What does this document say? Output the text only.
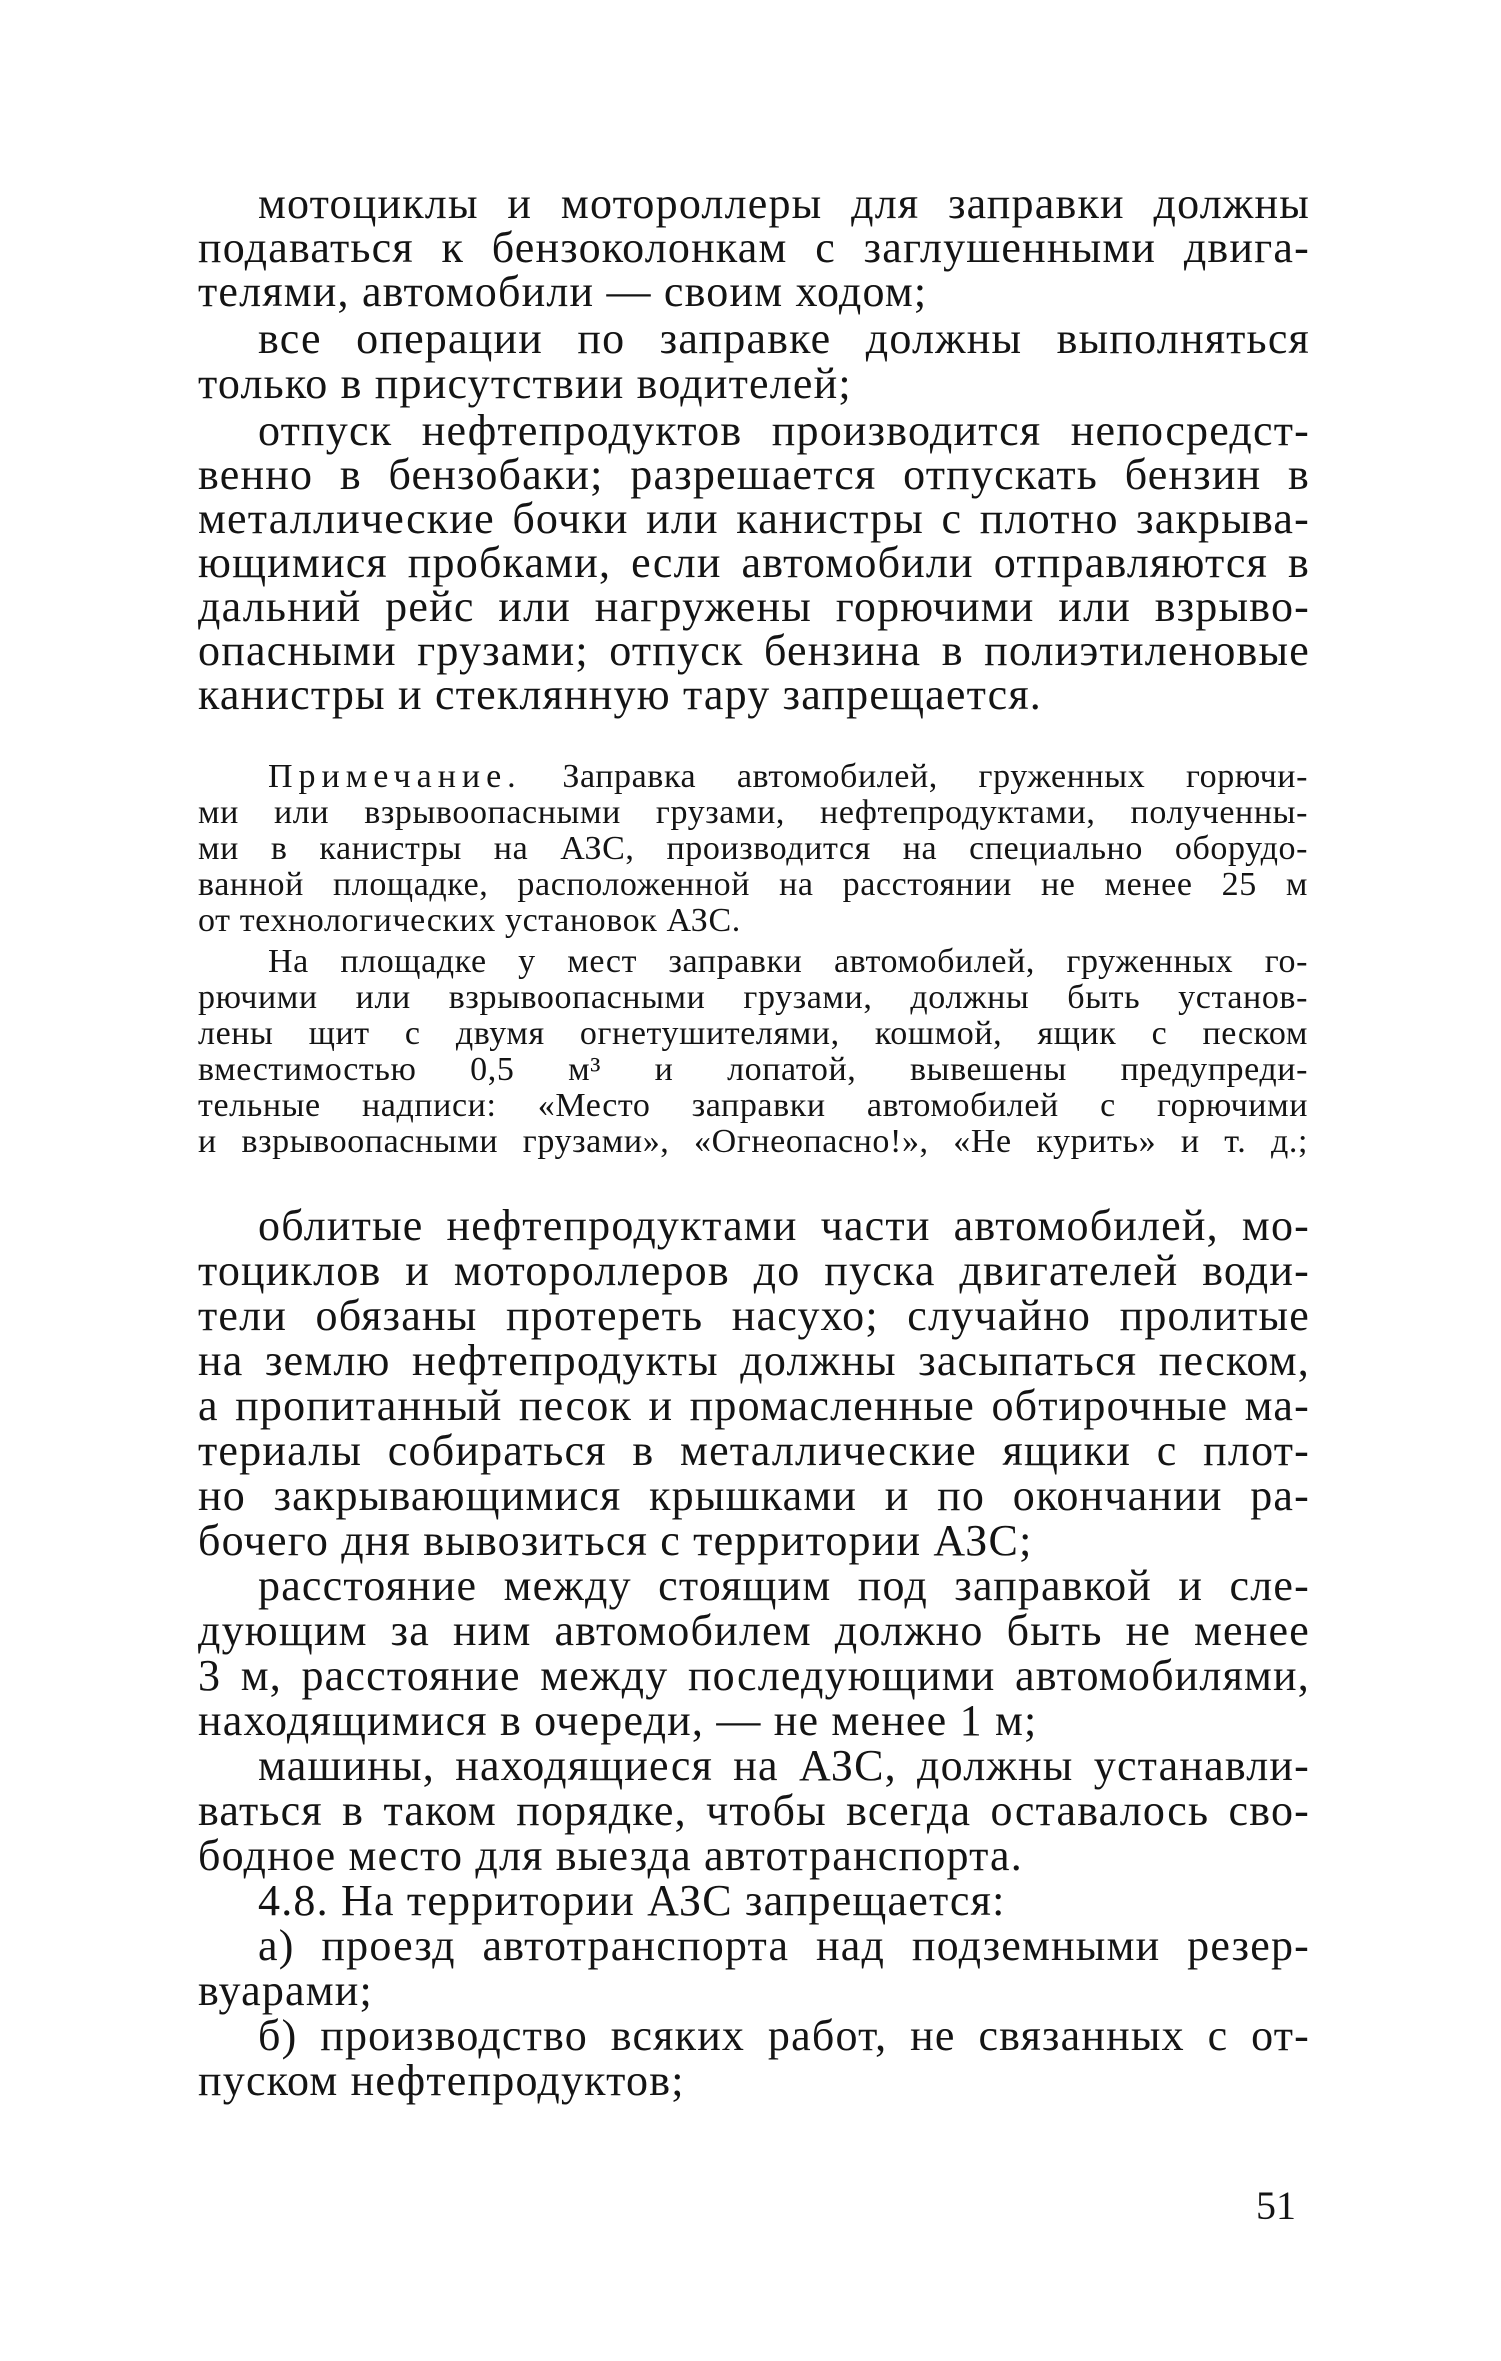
мотоциклы и мотороллеры для заправки должны

подаваться к бензоколонкам с заглушенными двига-

телями, автомобили — своим ходом;

все операции по заправке должны выполняться

только в присутствии водителей;

отпуск нефтепродуктов производится непосредст-

венно в бензобаки; разрешается отпускать бензин в

металлические бочки или канистры с плотно закрыва-

ющимися пробками, если автомобили отправляются в

дальний рейс или нагружены горючими или взрыво-

опасными грузами; отпуск бензина в полиэтиленовые

канистры и стеклянную тару запрещается.

Примечание. Заправка автомобилей, груженных горючи-

ми или взрывоопасными грузами, нефтепродуктами, полученны-

ми в канистры на АЗС, производится на специально оборудо-

ванной площадке, расположенной на расстоянии не менее 25 м

от технологических установок АЗС.

На площадке у мест заправки автомобилей, груженных го-

рючими или взрывоопасными грузами, должны быть установ-

лены щит с двумя огнетушителями, кошмой, ящик с песком

вместимостью 0,5 м³ и лопатой, вывешены предупреди-

тельные надписи: «Место заправки автомобилей с горючими

и взрывоопасными грузами», «Огнеопасно!», «Не курить» и т. д.;

облитые нефтепродуктами части автомобилей, мо-

тоциклов и мотороллеров до пуска двигателей води-

тели обязаны протереть насухо; случайно пролитые

на землю нефтепродукты должны засыпаться песком,

а пропитанный песок и промасленные обтирочные ма-

териалы собираться в металлические ящики с плот-

но закрывающимися крышками и по окончании ра-

бочего дня вывозиться с территории АЗС;

расстояние между стоящим под заправкой и сле-

дующим за ним автомобилем должно быть не менее

3 м, расстояние между последующими автомобилями,

находящимися в очереди, — не менее 1 м;

машины, находящиеся на АЗС, должны устанавли-

ваться в таком порядке, чтобы всегда оставалось сво-

бодное место для выезда автотранспорта.

4.8. На территории АЗС запрещается:

а) проезд автотранспорта над подземными резер-

вуарами;

б) производство всяких работ, не связанных с от-

пуском нефтепродуктов;

51
